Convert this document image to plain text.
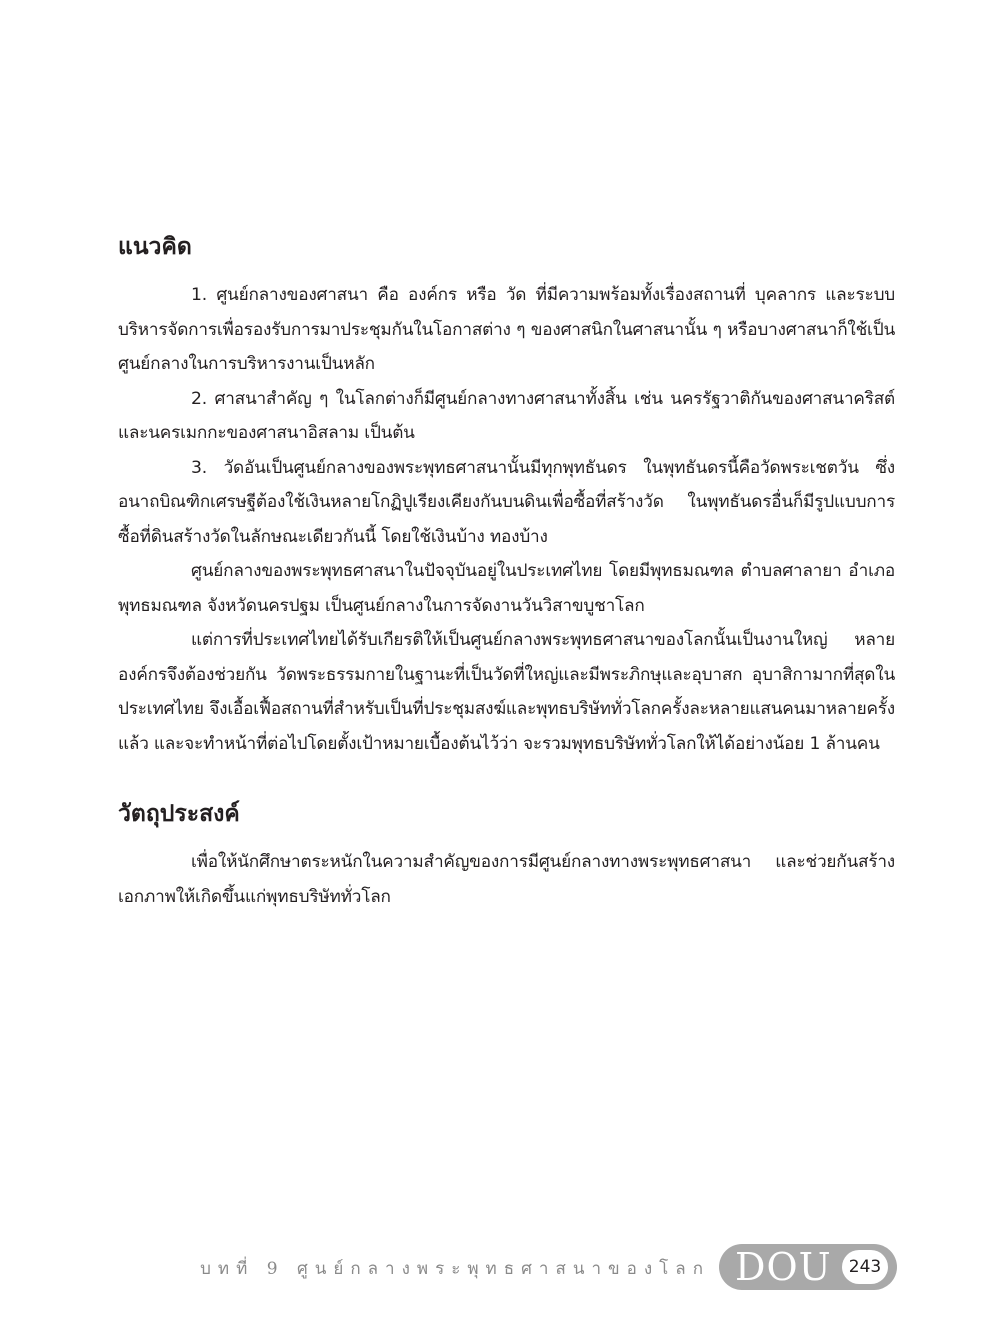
แนวคิด

1. ศูนย์กลางของศาสนา คือ องค์กร หรือ วัด ที่มีความพร้อมทั้งเรื่องสถานที่ บุคลากร และระบบบริหารจัดการเพื่อรองรับการมาประชุมกันในโอกาสต่าง ๆ ของศาสนิกในศาสนานั้น ๆ หรือบางศาสนาก็ใช้เป็นศูนย์กลางในการบริหารงานเป็นหลัก

2. ศาสนาสำคัญ ๆ ในโลกต่างก็มีศูนย์กลางทางศาสนาทั้งสิ้น เช่น นครรัฐวาติกันของศาสนาคริสต์และนครเมกกะของศาสนาอิสลาม เป็นต้น

3. วัดอันเป็นศูนย์กลางของพระพุทธศาสนานั้นมีทุกพุทธันดร ในพุทธันดรนี้คือวัดพระเชตวัน ซึ่งอนาถบิณฑิกเศรษฐีต้องใช้เงินหลายโกฏิปูเรียงเคียงกันบนดินเพื่อซื้อที่สร้างวัด ในพุทธันดรอื่นก็มีรูปแบบการซื้อที่ดินสร้างวัดในลักษณะเดียวกันนี้ โดยใช้เงินบ้าง ทองบ้าง

ศูนย์กลางของพระพุทธศาสนาในปัจจุบันอยู่ในประเทศไทย โดยมีพุทธมณฑล ตำบลศาลายา อำเภอพุทธมณฑล จังหวัดนครปฐม เป็นศูนย์กลางในการจัดงานวันวิสาขบูชาโลก

แต่การที่ประเทศไทยได้รับเกียรติให้เป็นศูนย์กลางพระพุทธศาสนาของโลกนั้นเป็นงานใหญ่ หลายองค์กรจึงต้องช่วยกัน วัดพระธรรมกายในฐานะที่เป็นวัดที่ใหญ่และมีพระภิกษุและอุบาสก อุบาสิกามากที่สุดในประเทศไทย จึงเอื้อเฟื้อสถานที่สำหรับเป็นที่ประชุมสงฆ์และพุทธบริษัททั่วโลกครั้งละหลายแสนคนมาหลายครั้งแล้ว และจะทำหน้าที่ต่อไปโดยตั้งเป้าหมายเบื้องต้นไว้ว่า จะรวมพุทธบริษัททั่วโลกให้ได้อย่างน้อย 1 ล้านคน

วัตถุประสงค์

เพื่อให้นักศึกษาตระหนักในความสำคัญของการมีศูนย์กลางทางพระพุทธศาสนา และช่วยกันสร้างเอกภาพให้เกิดขึ้นแก่พุทธบริษัททั่วโลก

บทที่ 9 ศูนย์กลางพระพุทธศาสนาของโลก DOU	243
